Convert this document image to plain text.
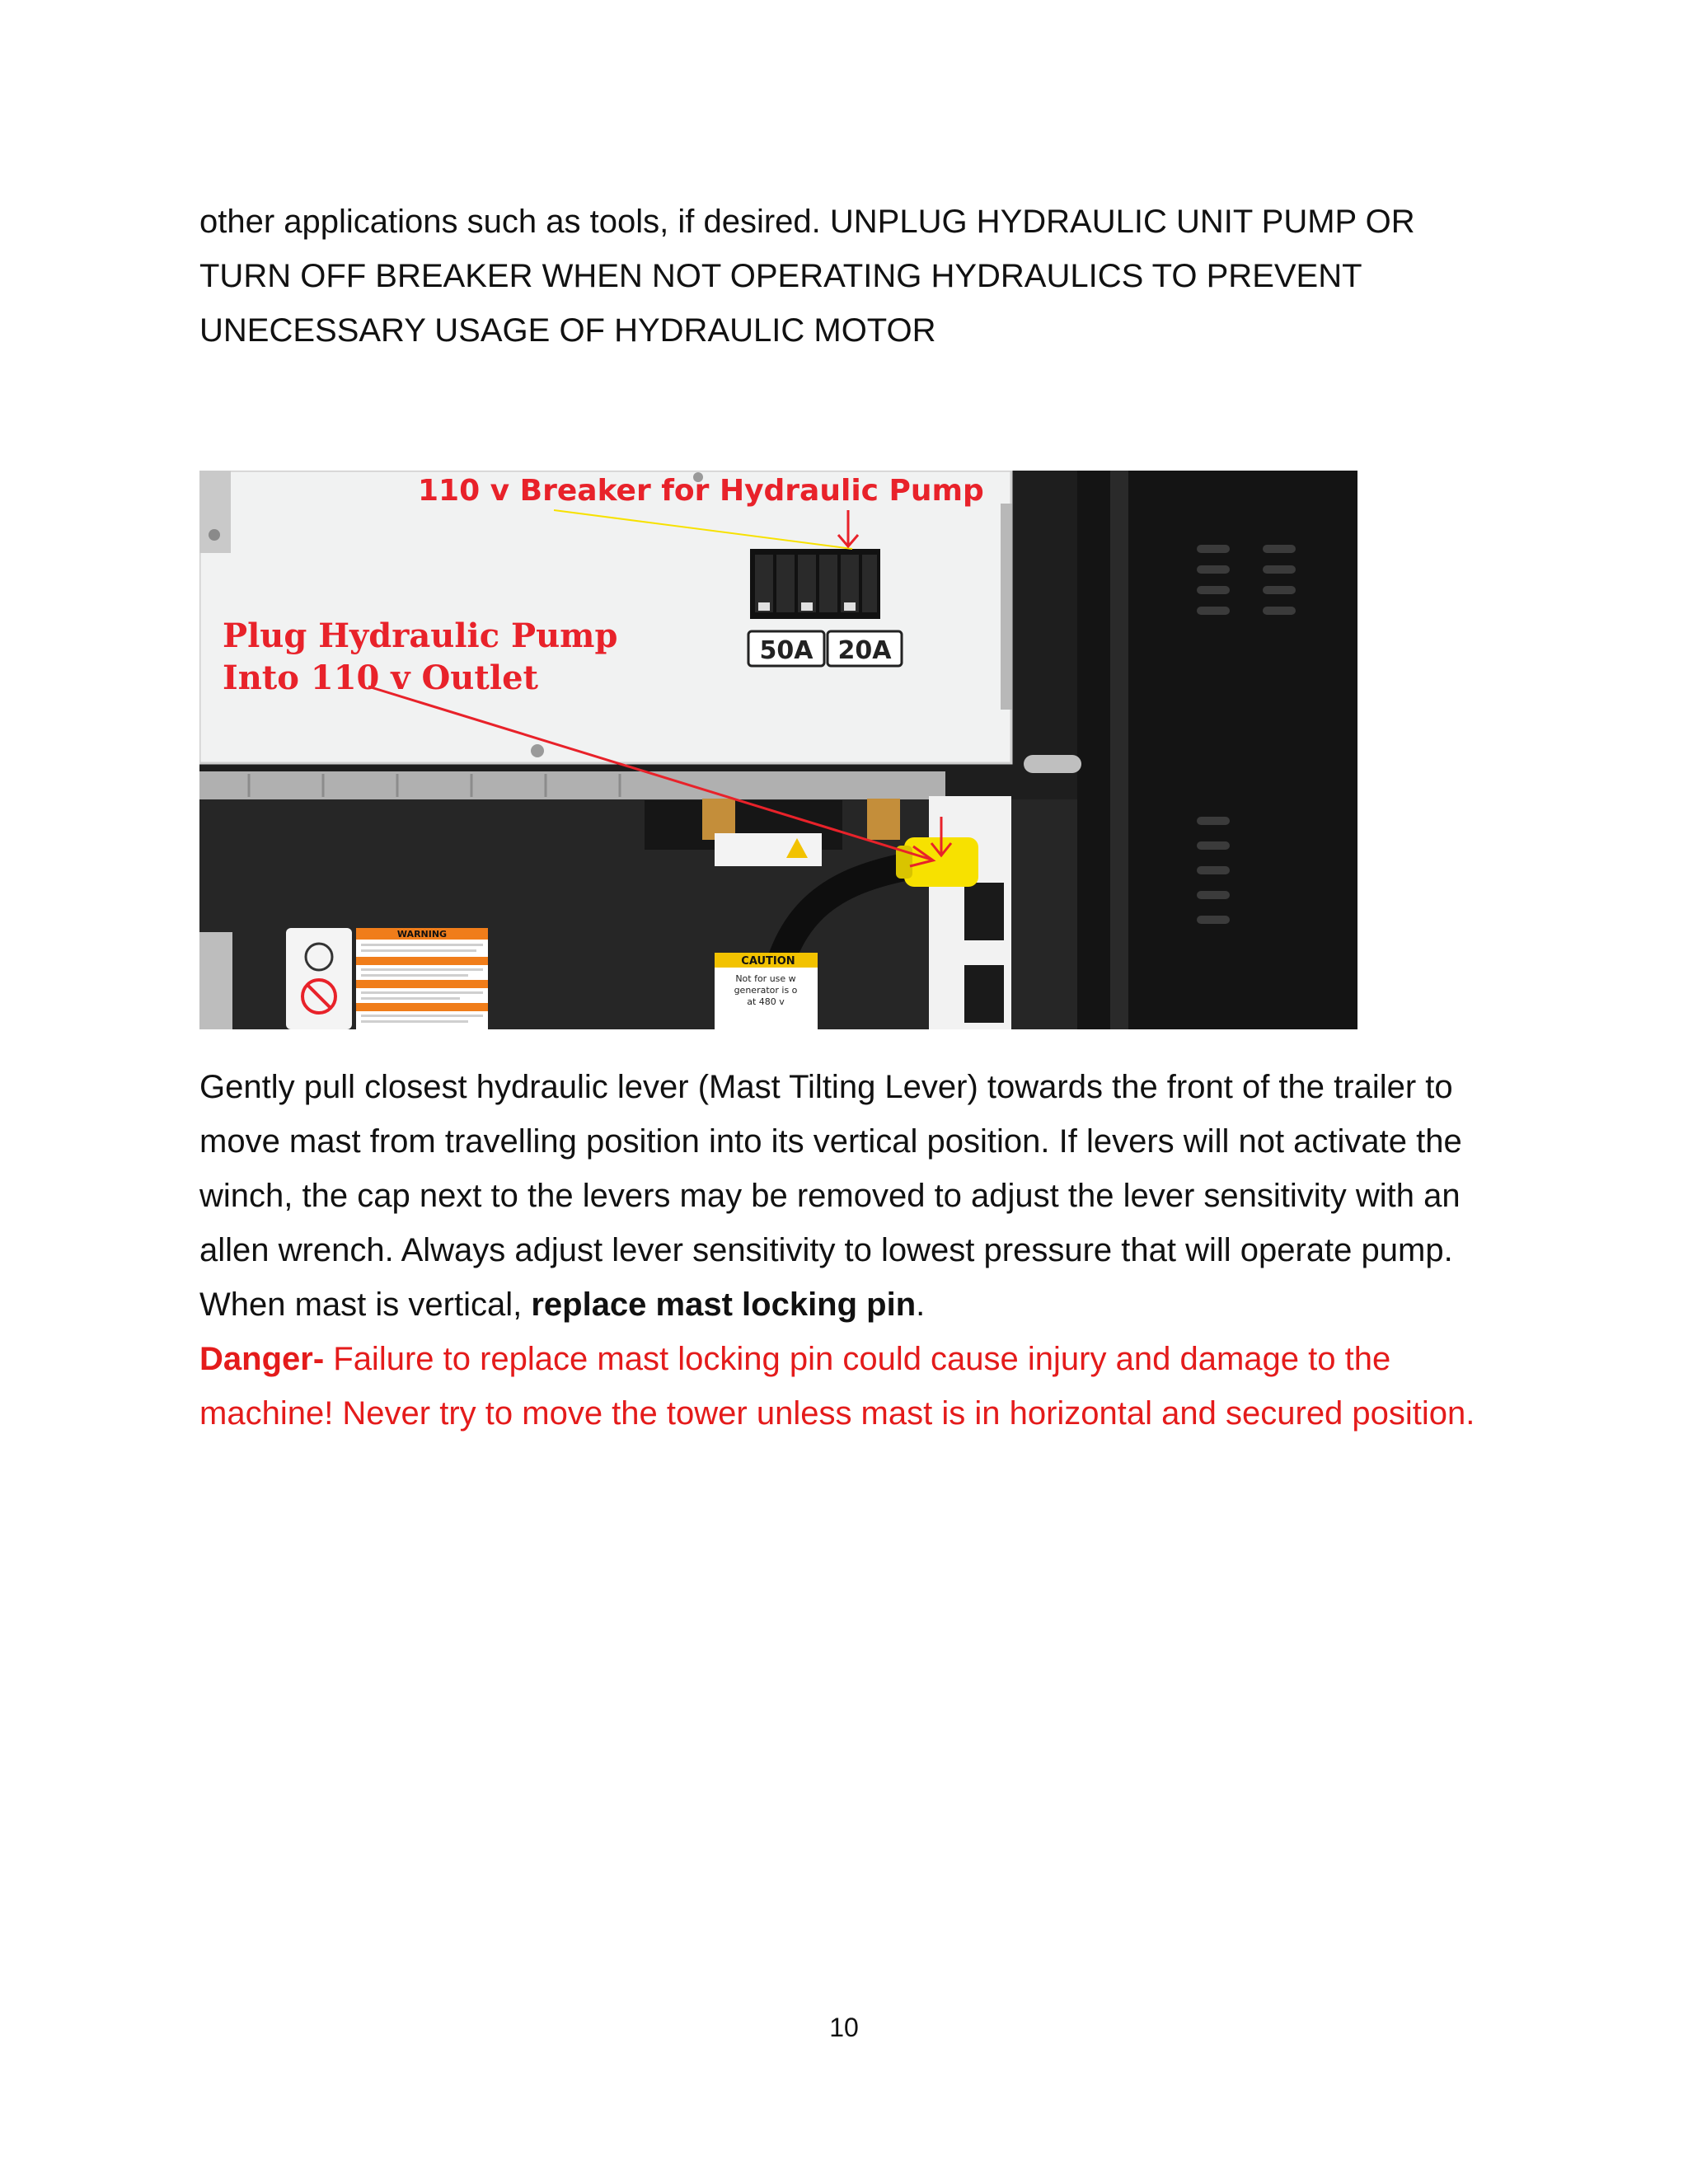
other applications such as tools, if desired. UNPLUG HYDRAULIC UNIT PUMP OR TURN OFF BREAKER WHEN NOT OPERATING HYDRAULICS TO PREVENT UNECESSARY USAGE OF HYDRAULIC MOTOR

50A 20A
CAUTION
Not for use w
generator is o
at 480 v
WARNING
110 v Breaker for Hydraulic Pump
Plug Hydraulic Pump
Into 110 v Outlet

Gently pull closest hydraulic lever (Mast Tilting Lever) towards the front of the trailer to move mast from travelling position into its vertical position. If levers will not activate the winch, the cap next to the levers may be removed to adjust the lever sensitivity with an allen wrench. Always adjust lever sensitivity to lowest pressure that will operate pump. When mast is vertical, replace mast locking pin.
Danger- Failure to replace mast locking pin could cause injury and damage to the machine! Never try to move the tower unless mast is in horizontal and secured position.

10
